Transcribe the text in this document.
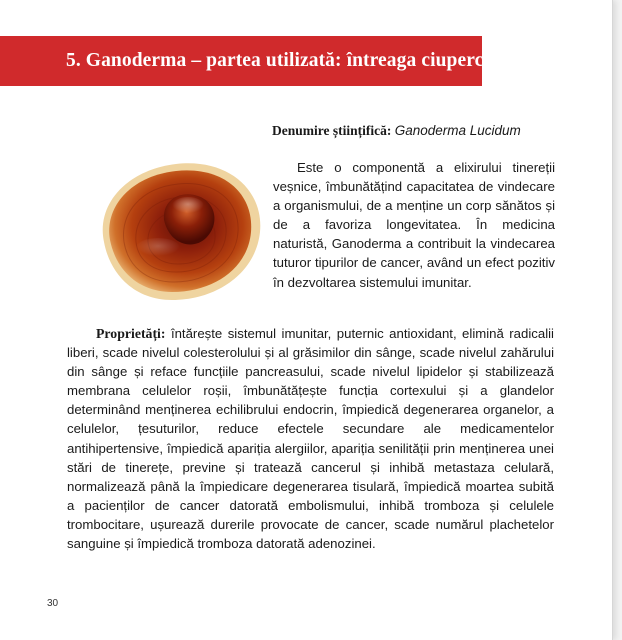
5. Ganoderma – partea utilizată: întreaga ciupercă
Denumire științifică: Ganoderma Lucidum

Este o componentă a elixirului tinereții veșnice, îmbunătățind capacitatea de vindecare a organismului, de a menține un corp sănătos și de a favoriza longevitatea. În medicina naturistă, Ganoderma a contribuit la vindecarea tuturor tipurilor de cancer, având un efect pozitiv în dezvoltarea sistemului imunitar.

Proprietăți: întărește sistemul imunitar, puternic antioxidant, elimină radicalii liberi, scade nivelul colesterolului și al grăsimilor din sânge, scade nivelul zahărului din sânge și reface funcțiile pancreasului, scade nivelul lipidelor și stabilizează membrana celulelor roșii, îmbunătățește funcția cortexului și a glandelor determinând menținerea echilibrului endocrin, împiedică degenerarea organelor, a celulelor, țesuturilor, reduce efectele secundare ale medicamentelor antihipertensive, împiedică apariția alergiilor, apariția senilității prin menținerea unei stări de tinerețe, previne și tratează cancerul și inhibă metastaza celulară, normalizează până la împiedicare degenerarea tisulară, împiedică moartea subită a pacienților de cancer datorată embolismului, inhibă tromboza și celulele trombocitare, ușurează durerile provocate de cancer, scade numărul plachetelor sanguine și împiedică tromboza datorată adenozinei.

30
